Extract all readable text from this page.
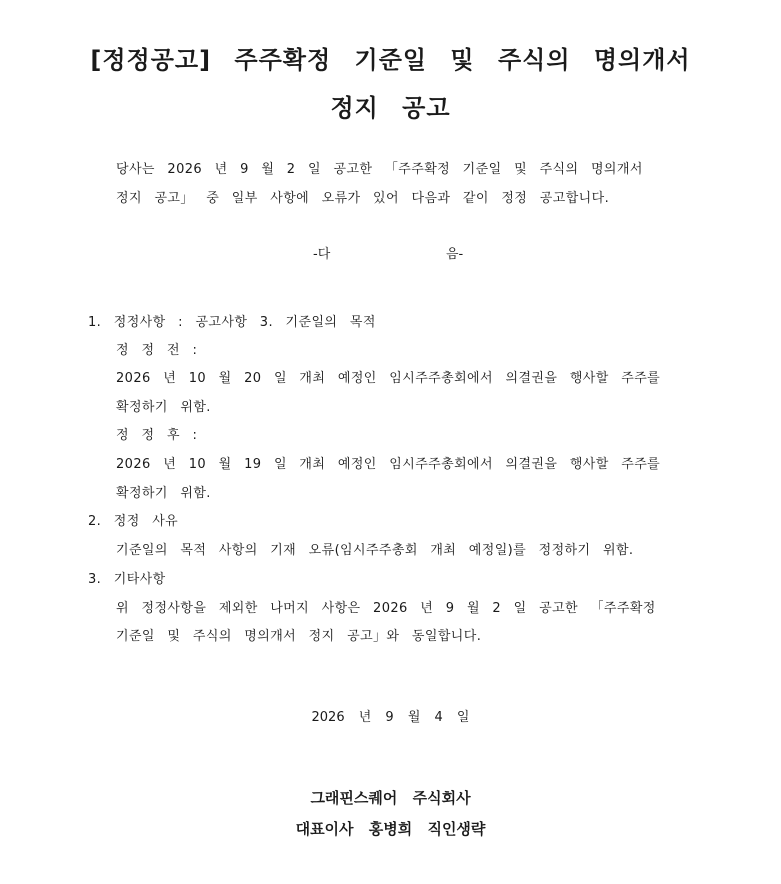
[정정공고] 주주확정 기준일 및 주식의 명의개서
정지 공고
당사는 2026 년 9 월 2 일 공고한 「주주확정 기준일 및 주식의 명의개서
정지 공고」 중 일부 사항에 오류가 있어 다음과 같이 정정 공고합니다.
-다	음-
1. 정정사항 : 공고사항 3. 기준일의 목적
정 정 전 :
2026 년 10 월 20 일 개최 예정인 임시주주총회에서 의결권을 행사할 주주를
확정하기 위함.
정 정 후 :
2026 년 10 월 19 일 개최 예정인 임시주주총회에서 의결권을 행사할 주주를
확정하기 위함.
2. 정정 사유
기준일의 목적 사항의 기재 오류(임시주주총회 개최 예정일)를 정정하기 위함.
3. 기타사항
위 정정사항을 제외한 나머지 사항은 2026 년 9 월 2 일 공고한 「주주확정
기준일 및 주식의 명의개서 정지 공고」와 동일합니다.
2026 년 9 월 4 일
그래핀스퀘어 주식회사
대표이사 홍병희 직인생략
